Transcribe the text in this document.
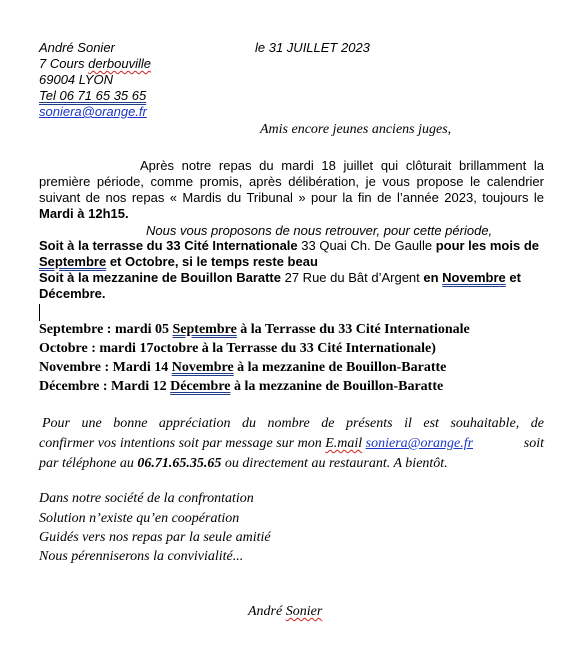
André Sonier
7 Cours derbouville
69004 LYON
Tel 06 71 65 35 65
soniera@orange.fr
le 31 JUILLET 2023
Amis encore jeunes anciens juges,
Après notre repas du mardi 18 juillet qui clôturait brillamment la
première période, comme promis, après délibération, je vous propose le calendrier
suivant de nos repas « Mardis du Tribunal » pour la fin de l’année 2023, toujours le
Mardi à 12h15.
Nous vous proposons de nous retrouver, pour cette période,
Soit à la terrasse du 33 Cité Internationale 33 Quai Ch. De Gaulle pour les mois de
Septembre et Octobre, si le temps reste beau
Soit à la mezzanine de Bouillon Baratte 27 Rue du Bât d’Argent en Novembre et
Décembre.
Septembre : mardi 05 Septembre à la Terrasse du 33 Cité Internationale
Octobre : mardi 17octobre à la Terrasse du 33 Cité Internationale)
Novembre : Mardi 14 Novembre à la mezzanine de Bouillon-Baratte
Décembre : Mardi 12 Décembre à la mezzanine de Bouillon-Baratte
Pour une bonne appréciation du nombre de présents il est souhaitable, de
confirmer vos intentions soit par message sur mon E.mail soniera@orange.fr	soit
par téléphone au 06.71.65.35.65 ou directement au restaurant. A bientôt.
Dans notre société de la confrontation
Solution n’existe qu’en coopération
Guidés vers nos repas par la seule amitié
Nous pérenniserons la convivialité...
André Sonier
